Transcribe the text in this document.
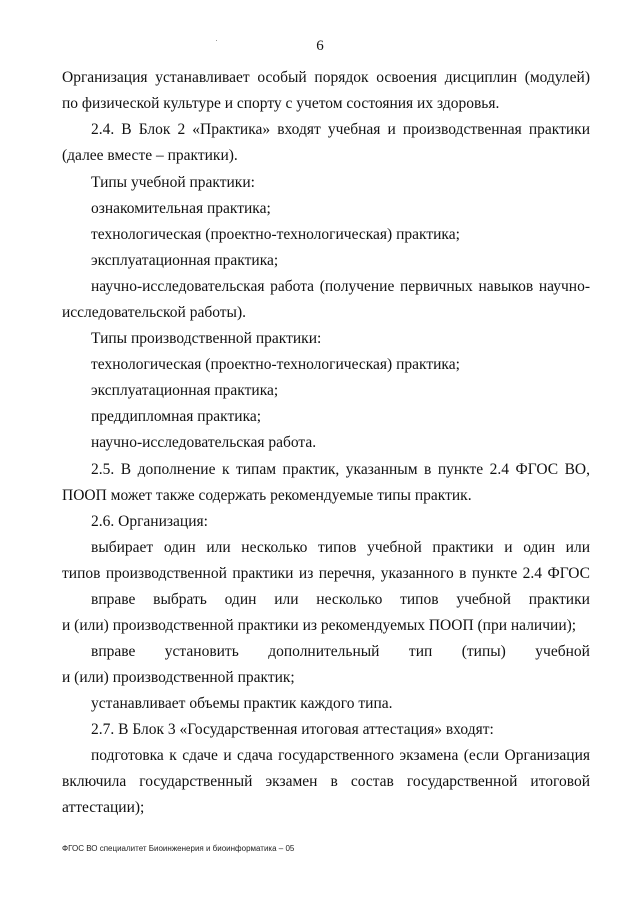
6
Организация устанавливает особый порядок освоения дисциплин (модулей)
по физической культуре и спорту с учетом состояния их здоровья.
2.4. В Блок 2 «Практика» входят учебная и производственная практики
(далее вместе – практики).
Типы учебной практики:
ознакомительная практика;
технологическая (проектно-технологическая) практика;
эксплуатационная практика;
научно-исследовательская работа (получение первичных навыков научно-
исследовательской работы).
Типы производственной практики:
технологическая (проектно-технологическая) практика;
эксплуатационная практика;
преддипломная практика;
научно-исследовательская работа.
2.5. В дополнение к типам практик, указанным в пункте 2.4 ФГОС ВО,
ПООП может также содержать рекомендуемые типы практик.
2.6. Организация:
выбирает один или несколько типов учебной практики и один или
типов производственной практики из перечня, указанного в пункте 2.4 ФГОС
вправе выбрать один или несколько типов учебной практики
и (или) производственной практики из рекомендуемых ПООП (при наличии);
вправе установить дополнительный тип (типы) учебной
и (или) производственной практик;
устанавливает объемы практик каждого типа.
2.7. В Блок 3 «Государственная итоговая аттестация» входят:
подготовка к сдаче и сдача государственного экзамена (если Организация
включила государственный экзамен в состав государственной итоговой
аттестации);
ФГОС ВО специалитет Биоинженерия и биоинформатика – 05
